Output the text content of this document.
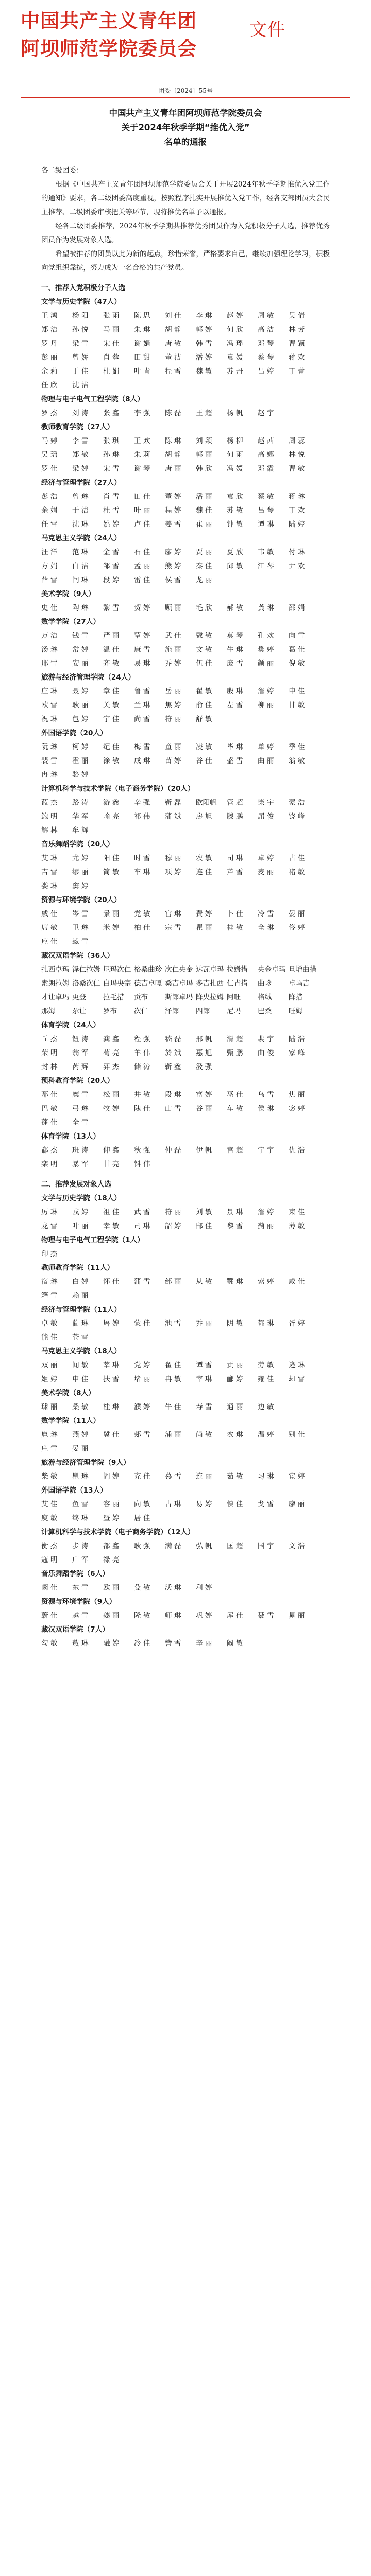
中国共产主义青年团
阿坝师范学院委员会
文件
团委〔2024〕55号
中国共产主义青年团阿坝师范学院委员会
关于2024年秋季学期“推优入党”
名单的通报

各二级团委：

根据《中国共产主义青年团阿坝师范学院委员会关于开展2024年秋季学期推优入党工作的通知》要求，各二级团委高度重视，按照程序扎实开展推优入党工作，经各支部团员大会民主推荐、二级团委审核把关等环节，现将推优名单予以通报。

经各二级团委推荐，2024年秋季学期共推荐优秀团员作为入党积极分子人选，推荐优秀团员作为发展对象人选。

希望被推荐的团员以此为新的起点，珍惜荣誉，严格要求自己，继续加强理论学习，积极向党组织靠拢，努力成为一名合格的共产党员。

一、推荐入党积极分子人选

文学与历史学院（47人）

王 鸿	杨 阳	张 雨	陈 思	刘 佳	李 琳	赵 婷	周 敏	吴 倩
郑 洁	孙 悦	马 丽	朱 琳	胡 静	郭 婷	何 欣	高 洁	林 芳
罗 丹	梁 雪	宋 佳	谢 娟	唐 敏	韩 雪	冯 瑶	邓 琴	曹 颖
彭 丽	曾 娇	肖 蓉	田 甜	董 洁	潘 婷	袁 媛	蔡 琴	蒋 欢
余 莉	于 佳	杜 娟	叶 青	程 雪	魏 敏	苏 丹	吕 婷	丁 蕾
任 欣	沈 洁

物理与电子电气工程学院（8人）

罗 杰	刘 涛	张 鑫	李 强	陈 磊	王 超	杨 帆	赵 宇

教师教育学院（27人）

马 婷	李 雪	张 琪	王 欢	陈 琳	刘 颖	杨 柳	赵 茜	周 蕊
吴 瑶	郑 敏	孙 琳	朱 莉	胡 静	郭 丽	何 雨	高 娜	林 悦
罗 佳	梁 婷	宋 雪	谢 琴	唐 丽	韩 欣	冯 媛	邓 霞	曹 敏

经济与管理学院（27人）

彭 浩	曾 琳	肖 雪	田 佳	董 婷	潘 丽	袁 欣	蔡 敏	蒋 琳
余 娟	于 洁	杜 雪	叶 丽	程 婷	魏 佳	苏 敏	吕 琴	丁 欢
任 雪	沈 琳	姚 婷	卢 佳	姜 雪	崔 丽	钟 敏	谭 琳	陆 婷

马克思主义学院（24人）

汪 洋	范 琳	金 雪	石 佳	廖 婷	贾 丽	夏 欣	韦 敏	付 琳
方 娟	白 洁	邹 雪	孟 丽	熊 婷	秦 佳	邱 敏	江 琴	尹 欢
薛 雪	闫 琳	段 婷	雷 佳	侯 雪	龙 丽

美术学院（9人）

史 佳	陶 琳	黎 雪	贺 婷	顾 丽	毛 欣	郝 敏	龚 琳	邵 娟

数学学院（27人）

万 洁	钱 雪	严 丽	覃 婷	武 佳	戴 敏	莫 琴	孔 欢	向 雪
汤 琳	常 婷	温 佳	康 雪	施 丽	文 敏	牛 琳	樊 婷	葛 佳
邢 雪	安 丽	齐 敏	易 琳	乔 婷	伍 佳	庞 雪	颜 丽	倪 敏

旅游与经济管理学院（24人）

庄 琳	聂 婷	章 佳	鲁 雪	岳 丽	翟 敏	殷 琳	詹 婷	申 佳
欧 雪	耿 丽	关 敏	兰 琳	焦 婷	俞 佳	左 雪	柳 丽	甘 敏
祝 琳	包 婷	宁 佳	尚 雪	符 丽	舒 敏

外国语学院（20人）

阮 琳	柯 婷	纪 佳	梅 雪	童 丽	凌 敏	毕 琳	单 婷	季 佳
裴 雪	霍 丽	涂 敏	成 琳	苗 婷	谷 佳	盛 雪	曲 丽	翁 敏
冉 琳	骆 婷

计算机科学与技术学院（电子商务学院）（20人）

蓝 杰	路 涛	游 鑫	辛 强	靳 磊	欧阳帆	管 超	柴 宇	蒙 浩
鲍 明	华 军	喻 亮	祁 伟	蒲 斌	房 旭	滕 鹏	屈 俊	饶 峰
解 林	牟 辉

音乐舞蹈学院（20人）

艾 琳	尤 婷	阳 佳	时 雪	穆 丽	农 敏	司 琳	卓 婷	古 佳
吉 雪	缪 丽	简 敏	车 琳	项 婷	连 佳	芦 雪	麦 丽	褚 敏
娄 琳	窦 婷

资源与环境学院（20人）

戚 佳	岑 雪	景 丽	党 敏	宫 琳	费 婷	卜 佳	冷 雪	晏 丽
席 敏	卫 琳	米 婷	柏 佳	宗 雪	瞿 丽	桂 敏	全 琳	佟 婷
应 佳	臧 雪

藏汉双语学院（36人）

扎西卓玛 泽仁拉姆 尼玛次仁 格桑曲珍 次仁央金 达瓦卓玛 拉姆措	央金卓玛 旦增曲措
索朗拉姆 洛桑次仁 白玛央宗 德吉卓嘎 桑吉卓玛 多吉扎西 仁青措	曲珍	卓玛吉
才让卓玛 更登	拉毛措	贡布	斯郎卓玛 降央拉姆 阿旺	格绒	降措
那姆	尕让	罗布	次仁	泽郎	四郎	尼玛	巴桑	旺姆

体育学院（24人）

丘 杰	钮 涛	龚 鑫	程 强	嵇 磊	邢 帆	滑 超	裴 宇	陆 浩
荣 明	翁 军	荀 亮	羊 伟	於 斌	惠 旭	甄 鹏	曲 俊	家 峰
封 林	芮 辉	羿 杰	储 涛	靳 鑫	汲 强

预科教育学院（20人）

邴 佳	糜 雪	松 丽	井 敏	段 琳	富 婷	巫 佳	乌 雪	焦 丽
巴 敏	弓 琳	牧 婷	隗 佳	山 雪	谷 丽	车 敏	侯 琳	宓 婷
蓬 佳	全 雪

体育学院（13人）

郗 杰	班 涛	仰 鑫	秋 强	仲 磊	伊 帆	宫 超	宁 宇	仇 浩
栾 明	暴 军	甘 亮	钭 伟

二、推荐发展对象人选

文学与历史学院（18人）

厉 琳	戎 婷	祖 佳	武 雪	符 丽	刘 敏	景 琳	詹 婷	束 佳
龙 雪	叶 丽	幸 敏	司 琳	韶 婷	郜 佳	黎 雪	蓟 丽	薄 敏

物理与电子电气工程学院（1人）

印 杰

教师教育学院（11人）

宿 琳	白 婷	怀 佳	蒲 雪	邰 丽	从 敏	鄂 琳	索 婷	咸 佳
籍 雪	赖 丽

经济与管理学院（11人）

卓 敏	蔺 琳	屠 婷	蒙 佳	池 雪	乔 丽	阴 敏	郁 琳	胥 婷
能 佳	苍 雪

马克思主义学院（18人）

双 丽	闻 敏	莘 琳	党 婷	翟 佳	谭 雪	贡 丽	劳 敏	逄 琳
姬 婷	申 佳	扶 雪	堵 丽	冉 敏	宰 琳	郦 婷	雍 佳	却 雪

美术学院（8人）

璩 丽	桑 敏	桂 琳	濮 婷	牛 佳	寿 雪	通 丽	边 敏

数学学院（11人）

扈 琳	燕 婷	冀 佳	郏 雪	浦 丽	尚 敏	农 琳	温 婷	别 佳
庄 雪	晏 丽

旅游与经济管理学院（9人）

柴 敏	瞿 琳	阎 婷	充 佳	慕 雪	连 丽	茹 敏	习 琳	宦 婷

外国语学院（13人）

艾 佳	鱼 雪	容 丽	向 敏	古 琳	易 婷	慎 佳	戈 雪	廖 丽
庾 敏	终 琳	暨 婷	居 佳

计算机科学与技术学院（电子商务学院）（12人）

衡 杰	步 涛	都 鑫	耿 强	满 磊	弘 帆	匡 超	国 宇	文 浩
寇 明	广 军	禄 亮

音乐舞蹈学院（6人）

阙 佳	东 雪	欧 丽	殳 敏	沃 琳	利 婷

资源与环境学院（9人）

蔚 佳	越 雪	夔 丽	隆 敏	师 琳	巩 婷	厍 佳	聂 雪	晁 丽

藏汉双语学院（7人）

勾 敏	敖 琳	融 婷	冷 佳	訾 雪	辛 丽	阚 敏
